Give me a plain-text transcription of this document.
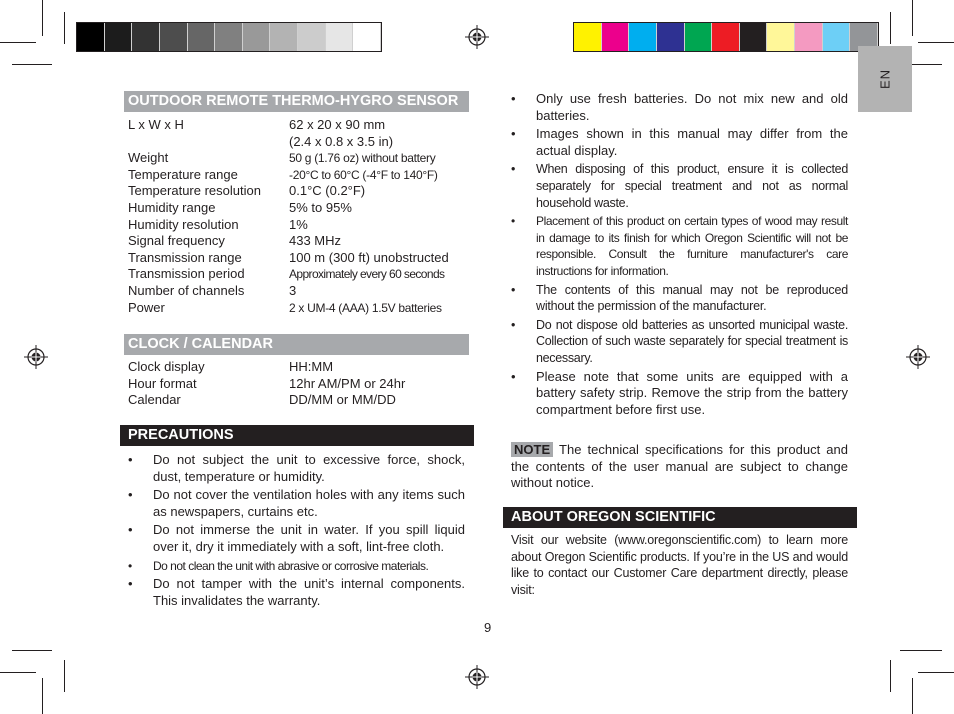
EN
OUTDOOR REMOTE THERMO-HYGRO SENSOR
L x W x H	62 x 20 x 90 mm
(2.4 x 0.8 x 3.5 in)
Weight	50 g (1.76 oz) without battery
Temperature range	-20°C to 60°C (-4°F to 140°F)
Temperature resolution	0.1°C (0.2°F)
Humidity range	5% to 95%
Humidity resolution	1%
Signal frequency	433 MHz
Transmission range	100 m (300 ft) unobstructed
Transmission period	Approximately every 60 seconds
Number of channels	3
Power	2 x UM-4 (AAA) 1.5V batteries
CLOCK / CALENDAR
Clock display	HH:MM
Hour format	12hr AM/PM or 24hr
Calendar	DD/MM or MM/DD
PRECAUTIONS
• Do not subject the unit to excessive force, shock, dust, temperature or humidity.
• Do not cover the ventilation holes with any items such as newspapers, curtains etc.
• Do not immerse the unit in water. If you spill liquid over it, dry it immediately with a soft, lint-free cloth.
• Do not clean the unit with abrasive or corrosive materials.
• Do not tamper with the unit’s internal components. This invalidates the warranty.
• Only use fresh batteries. Do not mix new and old batteries.
• Images shown in this manual may differ from the actual display.
• When disposing of this product, ensure it is collected separately for special treatment and not as normal household waste.
• Placement of this product on certain types of wood may result in damage to its finish for which Oregon Scientific will not be responsible. Consult the furniture manufacturer's care instructions for information.
• The contents of this manual may not be reproduced without the permission of the manufacturer.
• Do not dispose old batteries as unsorted municipal waste. Collection of such waste separately for special treatment is necessary.
• Please note that some units are equipped with a battery safety strip. Remove the strip from the battery compartment before first use.
NOTE The technical specifications for this product and the contents of the user manual are subject to change without notice.
ABOUT OREGON SCIENTIFIC
Visit our website (www.oregonscientific.com) to learn more about Oregon Scientific products. If you’re in the US and would like to contact our Customer Care department directly, please visit:
9
